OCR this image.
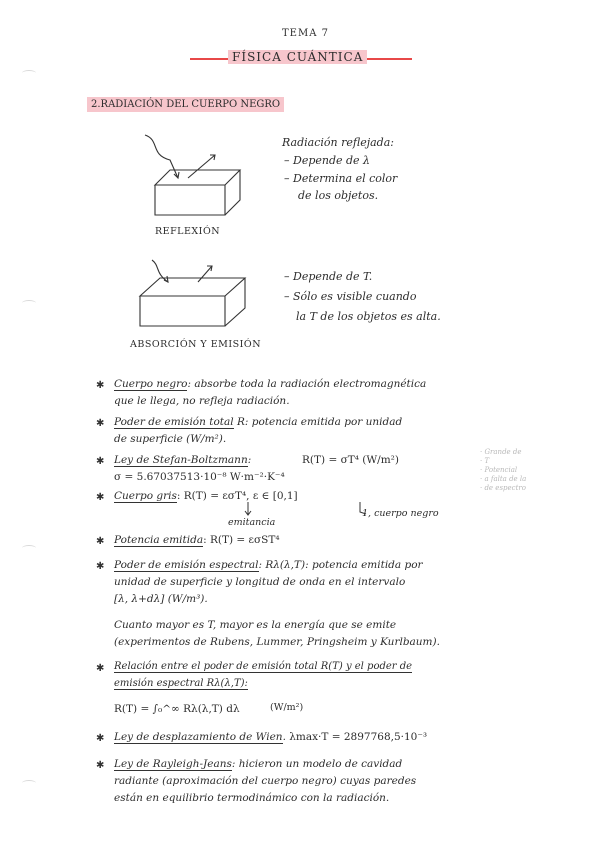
TEMA 7
FÍSICA CUÁNTICA
2.RADIACIÓN DEL CUERPO NEGRO
REFLEXIÓN
Radiación reflejada:
– Depende de λ
– Determina el color
de los objetos.
ABSORCIÓN Y EMISIÓN
– Depende de T.
– Sólo es visible cuando
la T de los objetos es alta.
✱ Cuerpo negro: absorbe toda la radiación electromagnética
que le llega, no refleja radiación.
✱ Poder de emisión total R: potencia emitida por unidad
de superficie (W/m²).
✱ Ley de Stefan-Boltzmann:	R(T) = σT⁴ (W/m²)
σ = 5.67037513·10⁻⁸ W·m⁻²·K⁻⁴
· Grande de
· T
· Potencial
· a falta de la
· de espectro
✱ Cuerpo gris: R(T) = εσT⁴, ε ∈ [0,1]
emitancia
1, cuerpo negro
✱ Potencia emitida: R(T) = εσST⁴
✱ Poder de emisión espectral: Rλ(λ,T): potencia emitida por
unidad de superficie y longitud de onda en el intervalo
[λ, λ+dλ] (W/m³).
Cuanto mayor es T, mayor es la energía que se emite
(experimentos de Rubens, Lummer, Pringsheim y Kurlbaum).
✱ Relación entre el poder de emisión total R(T) y el poder de
emisión espectral Rλ(λ,T):
R(T) = ∫₀^∞ Rλ(λ,T) dλ	(W/m²)
✱ Ley de desplazamiento de Wien. λmax·T = 2897768,5·10⁻³
✱ Ley de Rayleigh-Jeans: hicieron un modelo de cavidad
radiante (aproximación del cuerpo negro) cuyas paredes
están en equilibrio termodinámico con la radiación.
